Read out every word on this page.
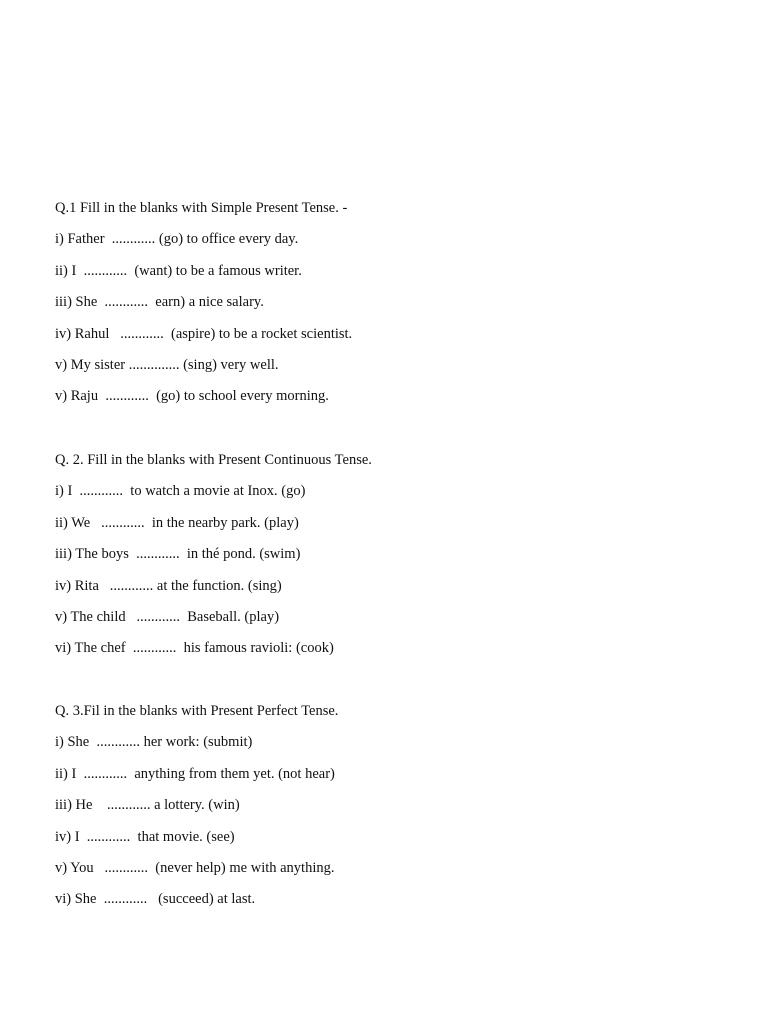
Q.1 Fill in the blanks with Simple Present Tense. -
i) Father  ............ (go) to office every day.
ii) I  ............  (want) to be a famous writer.
iii) She  ............  earn) a nice salary.
iv) Rahul   ............  (aspire) to be a rocket scientist.
v) My sister .............. (sing) very well.
v) Raju  ............  (go) to school every morning.
Q. 2. Fill in the blanks with Present Continuous Tense.
i) I  ............  to watch a movie at Inox. (go)
ii) We   ............  in the nearby park. (play)
iii) The boys  ............  in thé pond. (swim)
iv) Rita   ............ at the function. (sing)
v) The child   ............  Baseball. (play)
vi) The chef  ............  his famous ravioli: (cook)
Q. 3.Fil in the blanks with Present Perfect Tense.
i) She  ............ her work: (submit)
ii) I  ............  anything from them yet. (not hear)
iii) He    ............ a lottery. (win)
iv) I  ............  that movie. (see)
v) You   ............  (never help) me with anything.
vi) She  ............   (succeed) at last.
